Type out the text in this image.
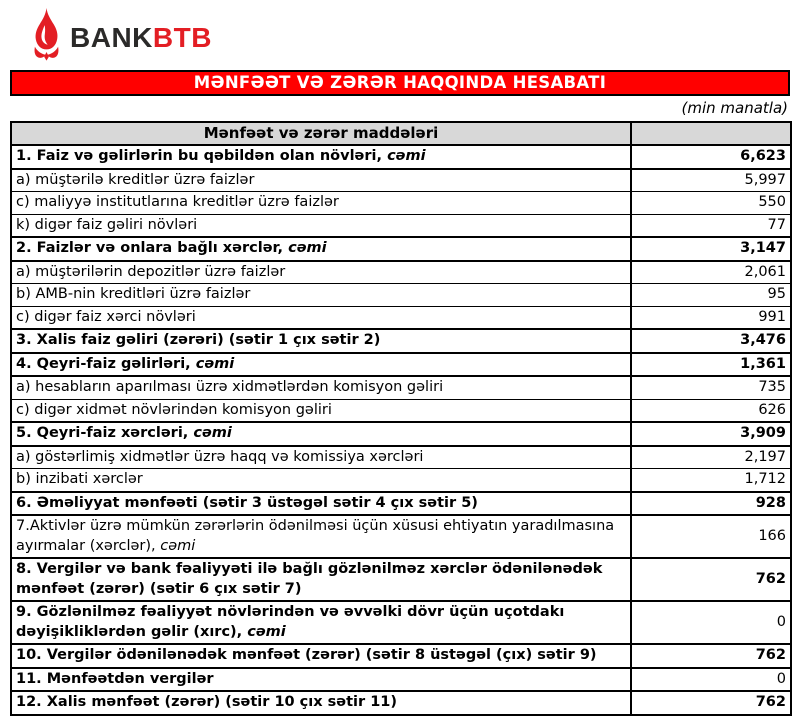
BANKBTB
MƏNFƏƏT VƏ ZƏRƏR HAQQINDA HESABATI
(min manatla)
Mənfəət və zərər maddələri	
1. Faiz və gəlirlərin bu qəbildən olan növləri, cəmi	6,623
a) müştərilə kreditlər üzrə faizlər	5,997
c) maliyyə institutlarına kreditlər üzrə faizlər	550
k) digər faiz gəliri növləri	77
2. Faizlər və onlara bağlı xərclər, cəmi	3,147
a) müştərilərin depozitlər üzrə faizlər	2,061
b) AMB-nin kreditləri üzrə faizlər	95
c) digər faiz xərci növləri	991
3. Xalis faiz gəliri (zərəri) (sətir 1 çıx sətir 2)	3,476
4. Qeyri-faiz gəlirləri, cəmi	1,361
a) hesabların aparılması üzrə xidmətlərdən komisyon gəliri	735
c) digər xidmət növlərindən komisyon gəliri	626
5. Qeyri-faiz xərcləri, cəmi	3,909
a) göstərlimiş xidmətlər üzrə haqq və komissiya xərcləri	2,197
b) inzibati xərclər	1,712
6. Əməliyyat mənfəəti (sətir 3 üstəgəl sətir 4 çıx sətir 5)	928
7.Aktivlər üzrə mümkün zərərlərin ödənilməsi üçün xüsusi ehtiyatın yaradılmasına ayırmalar (xərclər), cəmi	166
8. Vergilər və bank fəaliyyəti ilə bağlı gözlənilməz xərclər ödənilənədək mənfəət (zərər) (sətir 6 çıx sətir 7)	762
9. Gözlənilməz fəaliyyət növlərindən və əvvəlki dövr üçün uçotdakı dəyişikliklərdən gəlir (xırc), cəmi	0
10. Vergilər ödənilənədək mənfəət (zərər) (sətir 8 üstəgəl (çıx) sətir 9)	762
11. Mənfəətdən vergilər	0
12. Xalis mənfəət (zərər) (sətir 10 çıx sətir 11)	762
